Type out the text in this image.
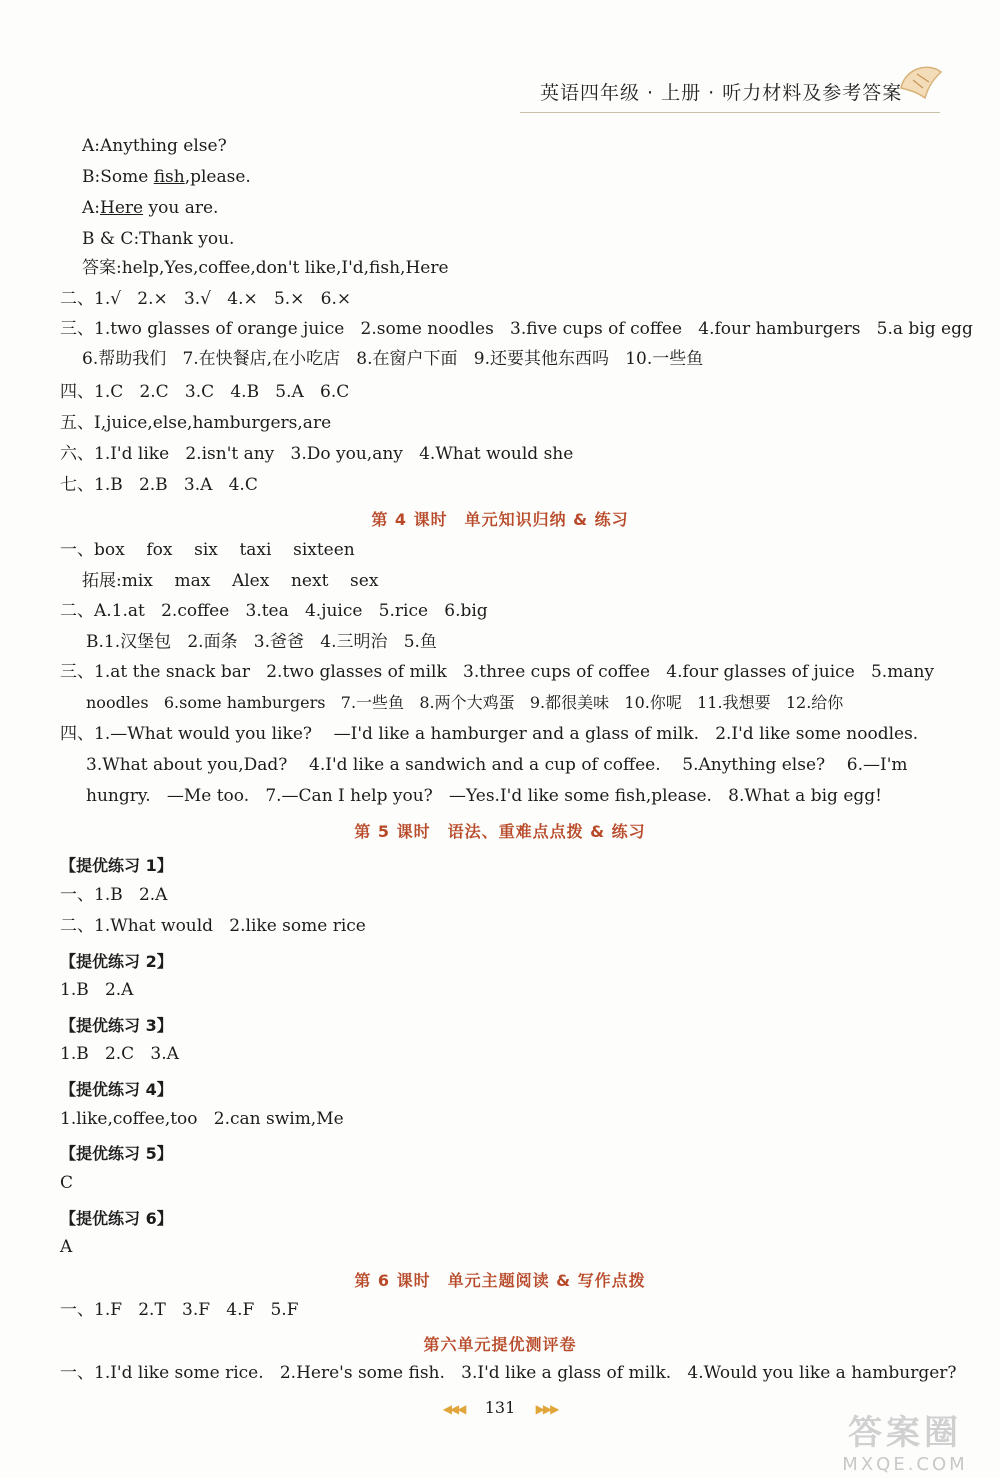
英语四年级 · 上册 · 听力材料及参考答案
A:Anything else?
B:Some fish,please.
A:Here you are.
B & C:Thank you.
答案:help,Yes,coffee,don't like,I'd,fish,Here
二、1.√ 2.× 3.√ 4.× 5.× 6.×
三、1.two glasses of orange juice 2.some noodles 3.five cups of coffee 4.four hamburgers 5.a big egg
6.帮助我们 7.在快餐店,在小吃店 8.在窗户下面 9.还要其他东西吗 10.一些鱼
四、1.C 2.C 3.C 4.B 5.A 6.C
五、I,juice,else,hamburgers,are
六、1.I'd like 2.isn't any 3.Do you,any 4.What would she
七、1.B 2.B 3.A 4.C
第 4 课时　单元知识归纳 & 练习
一、box fox six taxi sixteen
拓展:mix max Alex next sex
二、A.1.at 2.coffee 3.tea 4.juice 5.rice 6.big
B.1.汉堡包 2.面条 3.爸爸 4.三明治 5.鱼
三、1.at the snack bar 2.two glasses of milk 3.three cups of coffee 4.four glasses of juice 5.many
noodles 6.some hamburgers 7.一些鱼 8.两个大鸡蛋 9.都很美味 10.你呢 11.我想要 12.给你
四、1.—What would you like? —I'd like a hamburger and a glass of milk. 2.I'd like some noodles.
3.What about you,Dad? 4.I'd like a sandwich and a cup of coffee. 5.Anything else? 6.—I'm
hungry. —Me too. 7.—Can I help you? —Yes.I'd like some fish,please. 8.What a big egg!
第 5 课时　语法、重难点点拨 & 练习
【提优练习 1】
一、1.B 2.A
二、1.What would 2.like some rice
【提优练习 2】
1.B 2.A
【提优练习 3】
1.B 2.C 3.A
【提优练习 4】
1.like,coffee,too 2.can swim,Me
【提优练习 5】
C
【提优练习 6】
A
第 6 课时　单元主题阅读 & 写作点拨
一、1.F 2.T 3.F 4.F 5.F
第六单元提优测评卷
一、1.I'd like some rice. 2.Here's some fish. 3.I'd like a glass of milk. 4.Would you like a hamburger?
◀◀◀ 131 ▶▶▶
答案圈
MXQE.COM
